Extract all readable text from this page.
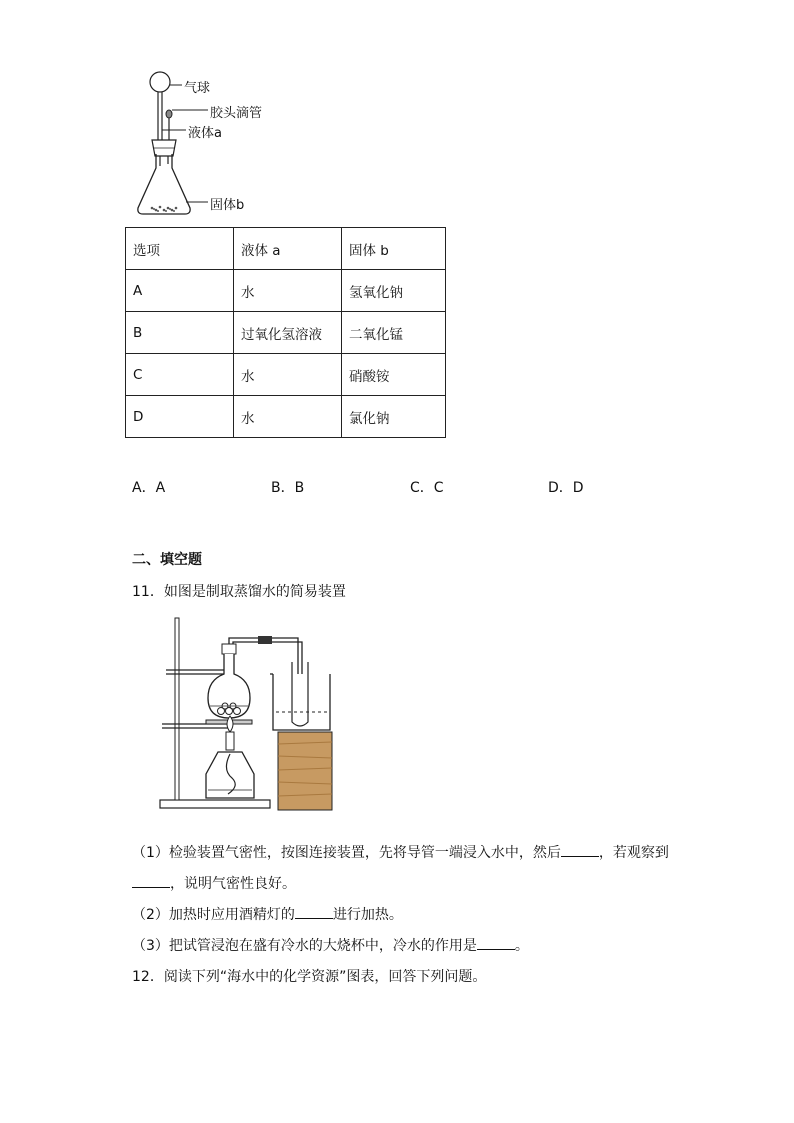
气球
胶头滴管
液体a
固体b
选项	液体 a	固体 b
A	水	氢氧化钠
B	过氧化氢溶液	二氧化锰
C	水	硝酸铵
D	水	氯化钠
A．A	B．B	C．C	D．D
二、填空题
11．如图是制取蒸馏水的简易装置
（1）检验装置气密性，按图连接装置，先将导管一端浸入水中，然后	，若观察到
，说明气密性良好。
（2）加热时应用酒精灯的	进行加热。
（3）把试管浸泡在盛有冷水的大烧杯中，冷水的作用是	。
12．阅读下列“海水中的化学资源”图表，回答下列问题。
